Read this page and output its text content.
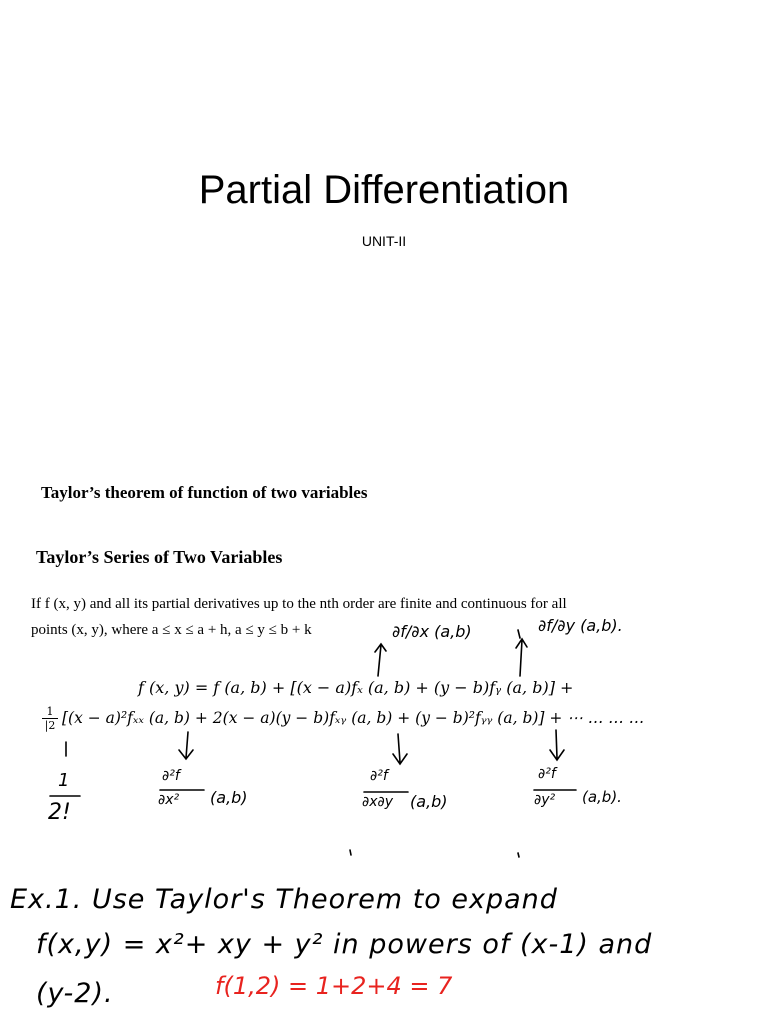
Partial Differentiation
UNIT-II
Taylor’s theorem of function of two variables
Taylor’s Series of Two Variables
If f (x, y) and all its partial derivatives up to the nth order are finite and continuous for all
points (x, y), where a ≤ x ≤ a + h, a ≤ y ≤ b + k
f (x, y) = f (a, b) + [(x − a)fₓ (a, b) + (y − b)fᵧ (a, b)] +
1
|2 [(x − a)²fₓₓ (a, b) + 2(x − a)(y − b)fₓᵧ (a, b) + (y − b)²fᵧᵧ (a, b)] + ⋯ … … …
∂f/∂x (a,b)	∂f/∂y (a,b).
1
2!
∂²f
∂x² (a,b)
∂²f
∂x∂y (a,b)
∂²f
∂y² (a,b).
Ex.1. Use Taylor's Theorem to expand
f(x,y) = x²+ xy + y² in powers of (x-1) and
(y-2).	f(1,2) = 1+2+4 = 7
